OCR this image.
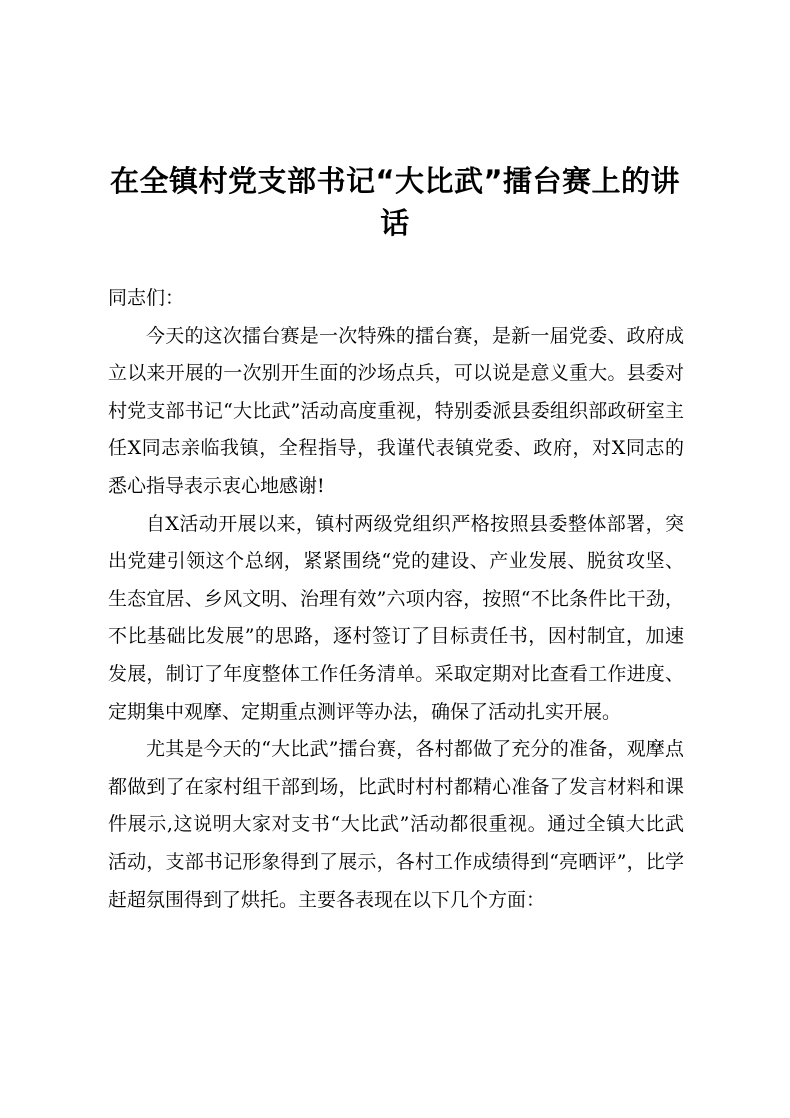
在全镇村党支部书记“大比武”擂台赛上的讲话

同志们：

今天的这次擂台赛是一次特殊的擂台赛，是新一届党委、政府成立以来开展的一次别开生面的沙场点兵，可以说是意义重大。县委对村党支部书记“大比武”活动高度重视，特别委派县委组织部政研室主任X同志亲临我镇，全程指导，我谨代表镇党委、政府，对X同志的悉心指导表示衷心地感谢!

自X活动开展以来，镇村两级党组织严格按照县委整体部署，突出党建引领这个总纲，紧紧围绕“党的建设、产业发展、脱贫攻坚、生态宜居、乡风文明、治理有效”六项内容，按照“不比条件比干劲，不比基础比发展”的思路，逐村签订了目标责任书，因村制宜，加速发展，制订了年度整体工作任务清单。采取定期对比查看工作进度、定期集中观摩、定期重点测评等办法，确保了活动扎实开展。

尤其是今天的“大比武”擂台赛，各村都做了充分的准备，观摩点都做到了在家村组干部到场，比武时村村都精心准备了发言材料和课件展示,这说明大家对支书“大比武”活动都很重视。通过全镇大比武活动，支部书记形象得到了展示，各村工作成绩得到“亮晒评”，比学赶超氛围得到了烘托。主要各表现在以下几个方面：
